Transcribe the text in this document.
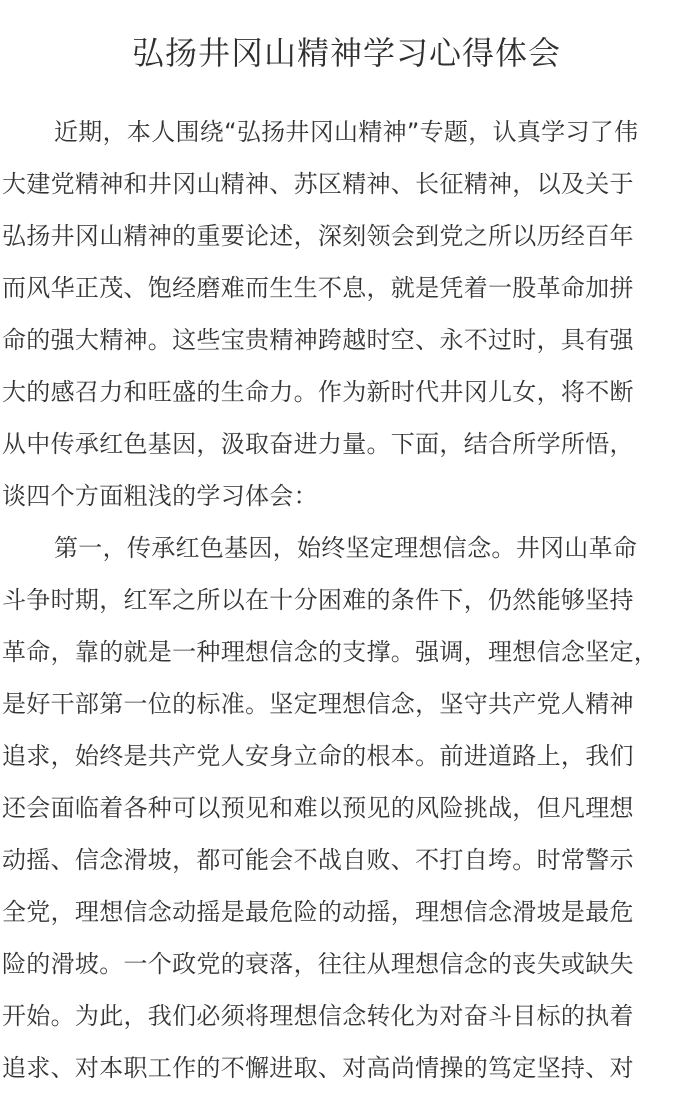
弘扬井冈山精神学习心得体会
近期，本人围绕“弘扬井冈山精神”专题，认真学习了伟
大建党精神和井冈山精神、苏区精神、长征精神，以及关于
弘扬井冈山精神的重要论述，深刻领会到党之所以历经百年
而风华正茂、饱经磨难而生生不息，就是凭着一股革命加拼
命的强大精神。这些宝贵精神跨越时空、永不过时，具有强
大的感召力和旺盛的生命力。作为新时代井冈儿女，将不断
从中传承红色基因，汲取奋进力量。下面，结合所学所悟，
谈四个方面粗浅的学习体会：
第一，传承红色基因，始终坚定理想信念。井冈山革命
斗争时期，红军之所以在十分困难的条件下，仍然能够坚持
革命，靠的就是一种理想信念的支撑。强调，理想信念坚定，
是好干部第一位的标准。坚定理想信念，坚守共产党人精神
追求，始终是共产党人安身立命的根本。前进道路上，我们
还会面临着各种可以预见和难以预见的风险挑战，但凡理想
动摇、信念滑坡，都可能会不战自败、不打自垮。时常警示
全党，理想信念动摇是最危险的动摇，理想信念滑坡是最危
险的滑坡。一个政党的衰落，往往从理想信念的丧失或缺失
开始。为此，我们必须将理想信念转化为对奋斗目标的执着
追求、对本职工作的不懈进取、对高尚情操的笃定坚持、对
